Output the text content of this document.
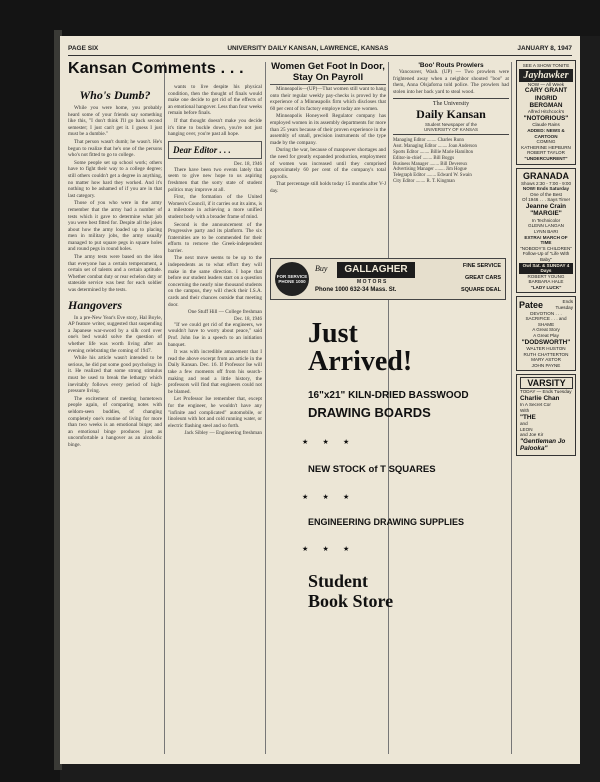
PAGE SIX	UNIVERSITY DAILY KANSAN, LAWRENCE, KANSAS	JANUARY 8, 1947
Kansan Comments . . .
Who's Dumb?

While you were home, you probably heard some of your friends say something like this, "I don't think I'll go back second semester; I just can't get it. I guess I just must be a dumbie."

That person wasn't dumb; he wasn't. He's begun to realize that he's one of the persons who's not fitted to go to college.

Some people set up school work; others have to fight their way to a college degree; still others couldn't get a degree in anything, no matter how hard they worked. And it's nothing to be ashamed of if you are in that last category.

Those of you who were in the army remember that the army had a number of tests which it gave to determine what job you were best fitted for. Despite all the jokes about how the army loaded up to placing men in military jobs, the army usually managed to put square pegs in square holes and round pegs in round holes.

The army tests were based on the idea that everyone has a certain temperament, a certain set of talents and a certain aptitude. Whether combat duty or rear echelon duty or stateside service was best for each soldier was determined by the tests.

Hangovers

In a pre-New Year's Eve story, Hal Boyle, AP feature writer, suggested that suspending a Japanese war-sword by a silk cord over one's bed would solve the question of whether life was worth living after an evening celebrating the coming of 1947.

While his article wasn't intended to be serious, he did put some good psychology in it. He realized that some strong stimulus must be used to break the lethargy which inevitably follows every period of high-pressure living.

The excitement of meeting hometown people again, of comparing notes with seldom-seen buddies, of changing completely one's routine of living for more than two weeks is an emotional binge; and an emotional binge produces just as uncomfortable a hangover as an alcoholic binge.

wants to live despite his physical condition, then the thought of finals would make one decide to get rid of the effects of an emotional hangover. Less than four weeks remain before finals.

If that thought doesn't make you decide it's time to buckle down, you're not just hanging over, you're past all hope.

Dear Editor . . .
Dec. 18, 1946

There have been two events lately that seem to give new hope to us aspiring freshmen that the sorry state of student politics may improve at all.

First, the formation of the United Women's Council, if it carries out its aims, is a milestone in achieving a more unified student body with a broader frame of mind.

Second is the announcement of the Progressive party and its platform. The six fraternities are to be commended for their efforts to remove the Greek-independent barrier.

The next move seems to be up to the independents as to what effort they will make in the same direction. I hope that before our student leaders start on a question concerning the nearly nine thousand students on the campus, they will check their I.S.A. cards and their chances outside that meeting door.

One Stuff Hill — College freshman

Dec. 18, 1946

"If we could get rid of the engineers, we wouldn't have to worry about peace," said Prof. John Ise in a speech to an initiation banquet.

It was with incredible amazement that I read the above excerpt from an article in the Daily Kansan. Dec. 16. If Professor Ise will take a few moments off from his search-making and read a little history, the professors will find that engineers could not be blamed.

Let Professor Ise remember that, except for the engineer, he wouldn't have any "infinite and complicated" automobile, or linoleum with hot and cold running water, or electric flashing steel and so forth.

Jack Sibley — Engineering freshman

Women Get Foot In Door, Stay On Payroll

Minneapolis—(UP)—That women still want to hang onto their regular weekly pay-checks is proved by the experience of a Minneapolis firm which discloses that 60 per cent of its factory employe today are women.

Minneapolis Honeywell Regulator company has employed women in its assembly departments for more than 25 years because of their proven experience in the assembly of small, precision instruments of the type made by the company.

During the war, because of manpower shortages and the need for greatly expanded production, employment of women was increased until they comprised approximately 60 per cent of the company's total payrolls.

That percentage still holds today 15 months after V-J day.

'Boo' Routs Prowlers

Vancouver, Wash. (UP) — Two prowlers were frightened away when a neighbor shouted "boo" at them, Anna Olsjaforna told police. The prowlers had stolen into her back yard to steal wood.

The University
Daily Kansan
Student Newspaper of the
UNIVERSITY OF KANSAS
Managing Editor ........ Charles Runn
Asst. Managing Editor ........ Joan Anderson
Sports Editor ........ Billie Marie Hamilton
Editor-in-chief ........ Bill Boggs
Business Manager ........ Bill Devereux
Advertising Manager ........ Jim Hogue
Telegraph Editor ........ Edward W. Swain
City Editor ........ R. T. Kingman
FOR SERVICE PHONE 1000
Buy	GALLAGHER
MOTORS
Phone 1000 632-34 Mass. St.
FINE SERVICE
GREAT CARS
SQUARE DEAL
Just
Arrived!
16"x21" KILN-DRIED BASSWOOD
DRAWING BOARDS
★ ★ ★
NEW STOCK of T SQUARES
★ ★ ★
ENGINEERING DRAWING SUPPLIES
★ ★ ★
Student
Book Store
SEE A SHOW TONITE
Jayhawker
NOW — All Week
CARY GRANT
INGRID BERGMAN
Alfred Hitchcock's
"NOTORIOUS"
Claude Rains
ADDED: NEWS & CARTOON
COMING
KATHERINE HEPBURN
ROBERT TAYLOR
"UNDERCURRENT"
GRANADA
Shows 2:30 - 7:00 - 9:00
NOW! Ends Saturday
One of the Best
Of 1946 . . . Says Time!
Jeanne Crain
"MARGIE"
In Technicolor
GLENN LANGAN
LYNN BARI
EXTRA! MARCH OF TIME
"NOBODY'S CHILDREN"
Follow-Up of "Life With Baby"
Owl Sat. & SUNDAY 4 Days
ROBERT YOUNG
BARBARA HALE
"LADY LUCK"
Patee	Ends
Tuesday
DEVOTION . . . SACRIFICE . . . and SHAME
A Great Story
A Great Play
"DODSWORTH"
WALTER HUSTON
RUTH CHATTERTON
MARY ASTOR
JOHN PAYNE
VARSITY
TODAY — Ends Tuesday
Charlie Chan
In A Secret Cor
With
"THE
and
LEON
and Joe Kir
"Gentleman Jo
Palooka"
